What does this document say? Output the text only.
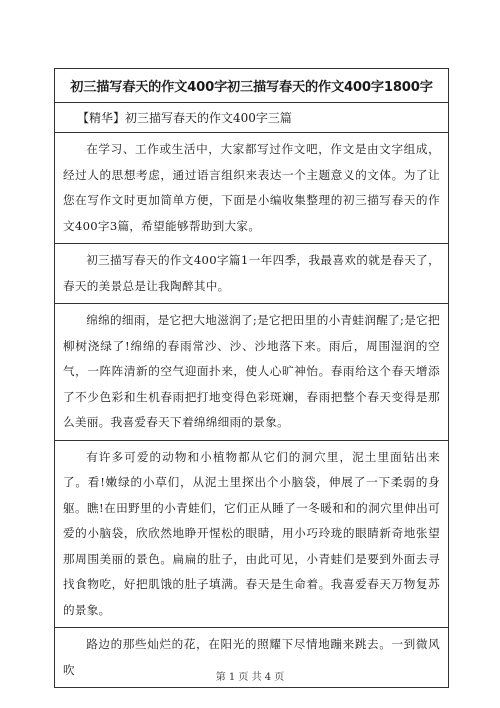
初三描写春天的作文400字初三描写春天的作文400字1800字
【精华】初三描写春天的作文400字三篇
在学习、工作或生活中，大家都写过作文吧，作文是由文字组成，经过人的思想考虑，通过语言组织来表达一个主题意义的文体。为了让您在写作文时更加简单方便，下面是小编收集整理的初三描写春天的作文400字3篇，希望能够帮助到大家。
初三描写春天的作文400字篇1一年四季，我最喜欢的就是春天了，春天的美景总是让我陶醉其中。
绵绵的细雨，是它把大地滋润了;是它把田里的小青蛙润醒了;是它把柳树浇绿了!绵绵的春雨常沙、沙、沙地落下来。雨后，周围湿润的空气，一阵阵清新的空气迎面扑来，使人心旷神怡。春雨给这个春天增添了不少色彩和生机春雨把打地变得色彩斑斓，春雨把整个春天变得是那么美丽。我喜爱春天下着绵绵细雨的景象。
有许多可爱的动物和小植物都从它们的洞穴里，泥土里面钻出来了。看!嫩绿的小草们，从泥土里探出个小脑袋，伸展了一下柔弱的身躯。瞧!在田野里的小青蛙们，它们正从睡了一冬暖和和的洞穴里伸出可爱的小脑袋，欣欣然地睁开惺松的眼睛，用小巧玲珑的眼睛新奇地张望那周围美丽的景色。扁扁的肚子，由此可见，小青蛙们是要到外面去寻找食物吃，好把肌饿的肚子填满。春天是生命着。我喜爱春天万物复苏的景象。
路边的那些灿烂的花，在阳光的照耀下尽情地蹦来跳去。一到微风吹
第 1 页 共 4 页
